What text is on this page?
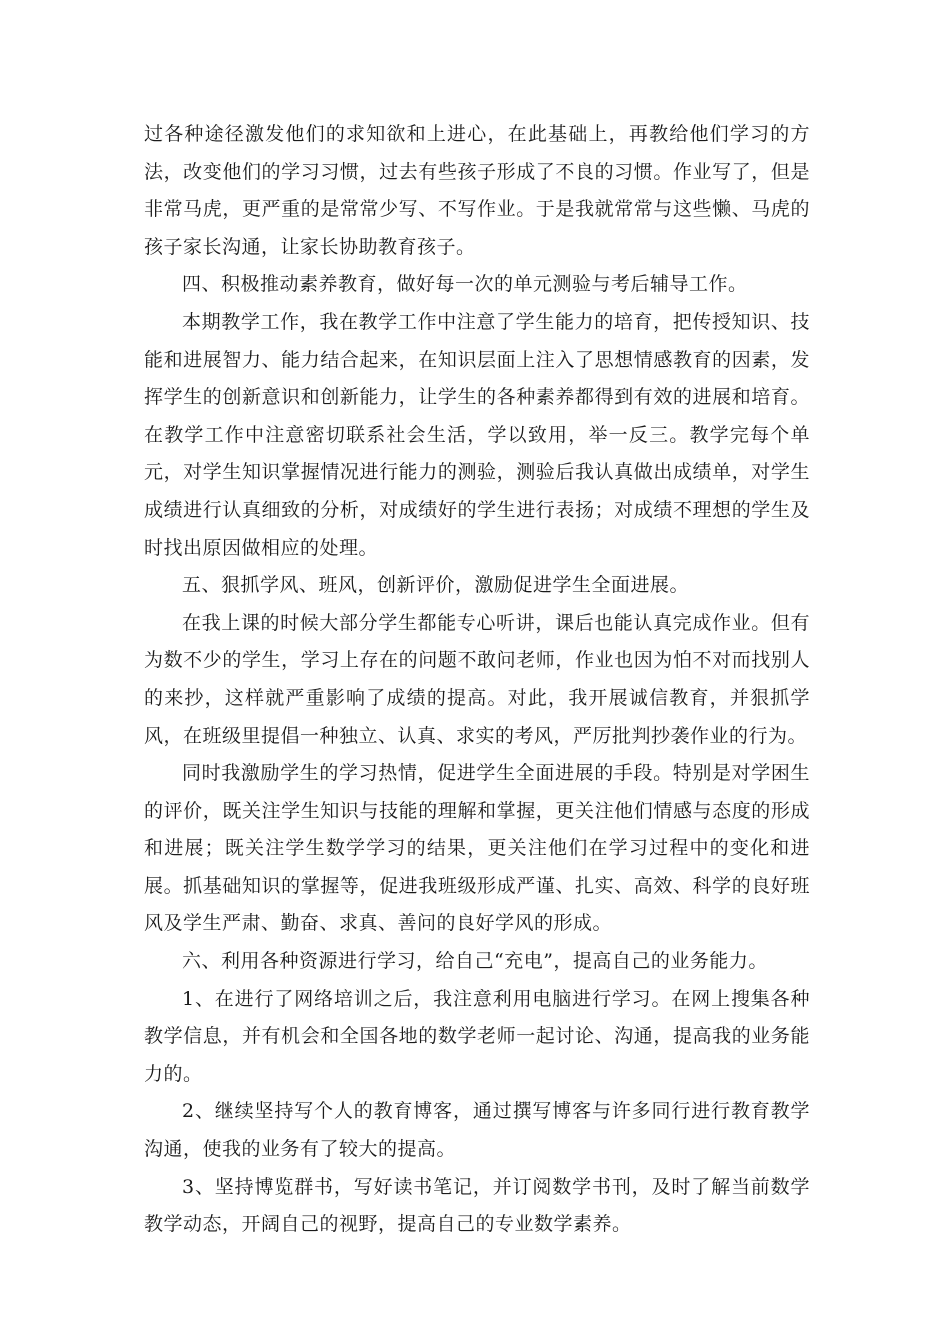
过各种途径激发他们的求知欲和上进心，在此基础上，再教给他们学习的方法，改变他们的学习习惯，过去有些孩子形成了不良的习惯。作业写了，但是非常马虎，更严重的是常常少写、不写作业。于是我就常常与这些懒、马虎的孩子家长沟通，让家长协助教育孩子。

四、积极推动素养教育，做好每一次的单元测验与考后辅导工作。

本期教学工作，我在教学工作中注意了学生能力的培育，把传授知识、技能和进展智力、能力结合起来，在知识层面上注入了思想情感教育的因素，发挥学生的创新意识和创新能力，让学生的各种素养都得到有效的进展和培育。在教学工作中注意密切联系社会生活，学以致用，举一反三。教学完每个单元，对学生知识掌握情况进行能力的测验，测验后我认真做出成绩单，对学生成绩进行认真细致的分析，对成绩好的学生进行表扬；对成绩不理想的学生及时找出原因做相应的处理。

五、狠抓学风、班风，创新评价，激励促进学生全面进展。

在我上课的时候大部分学生都能专心听讲，课后也能认真完成作业。但有为数不少的学生，学习上存在的问题不敢问老师，作业也因为怕不对而找别人的来抄，这样就严重影响了成绩的提高。对此，我开展诚信教育，并狠抓学风，在班级里提倡一种独立、认真、求实的考风，严厉批判抄袭作业的行为。

同时我激励学生的学习热情，促进学生全面进展的手段。特别是对学困生的评价，既关注学生知识与技能的理解和掌握，更关注他们情感与态度的形成和进展；既关注学生数学学习的结果，更关注他们在学习过程中的变化和进展。抓基础知识的掌握等，促进我班级形成严谨、扎实、高效、科学的良好班风及学生严肃、勤奋、求真、善问的良好学风的形成。

六、利用各种资源进行学习，给自己“充电”，提高自己的业务能力。

1、在进行了网络培训之后，我注意利用电脑进行学习。在网上搜集各种教学信息，并有机会和全国各地的数学老师一起讨论、沟通，提高我的业务能力的。

2、继续坚持写个人的教育博客，通过撰写博客与许多同行进行教育教学沟通，使我的业务有了较大的提高。

3、坚持博览群书，写好读书笔记，并订阅数学书刊，及时了解当前数学教学动态，开阔自己的视野，提高自己的专业数学素养。
